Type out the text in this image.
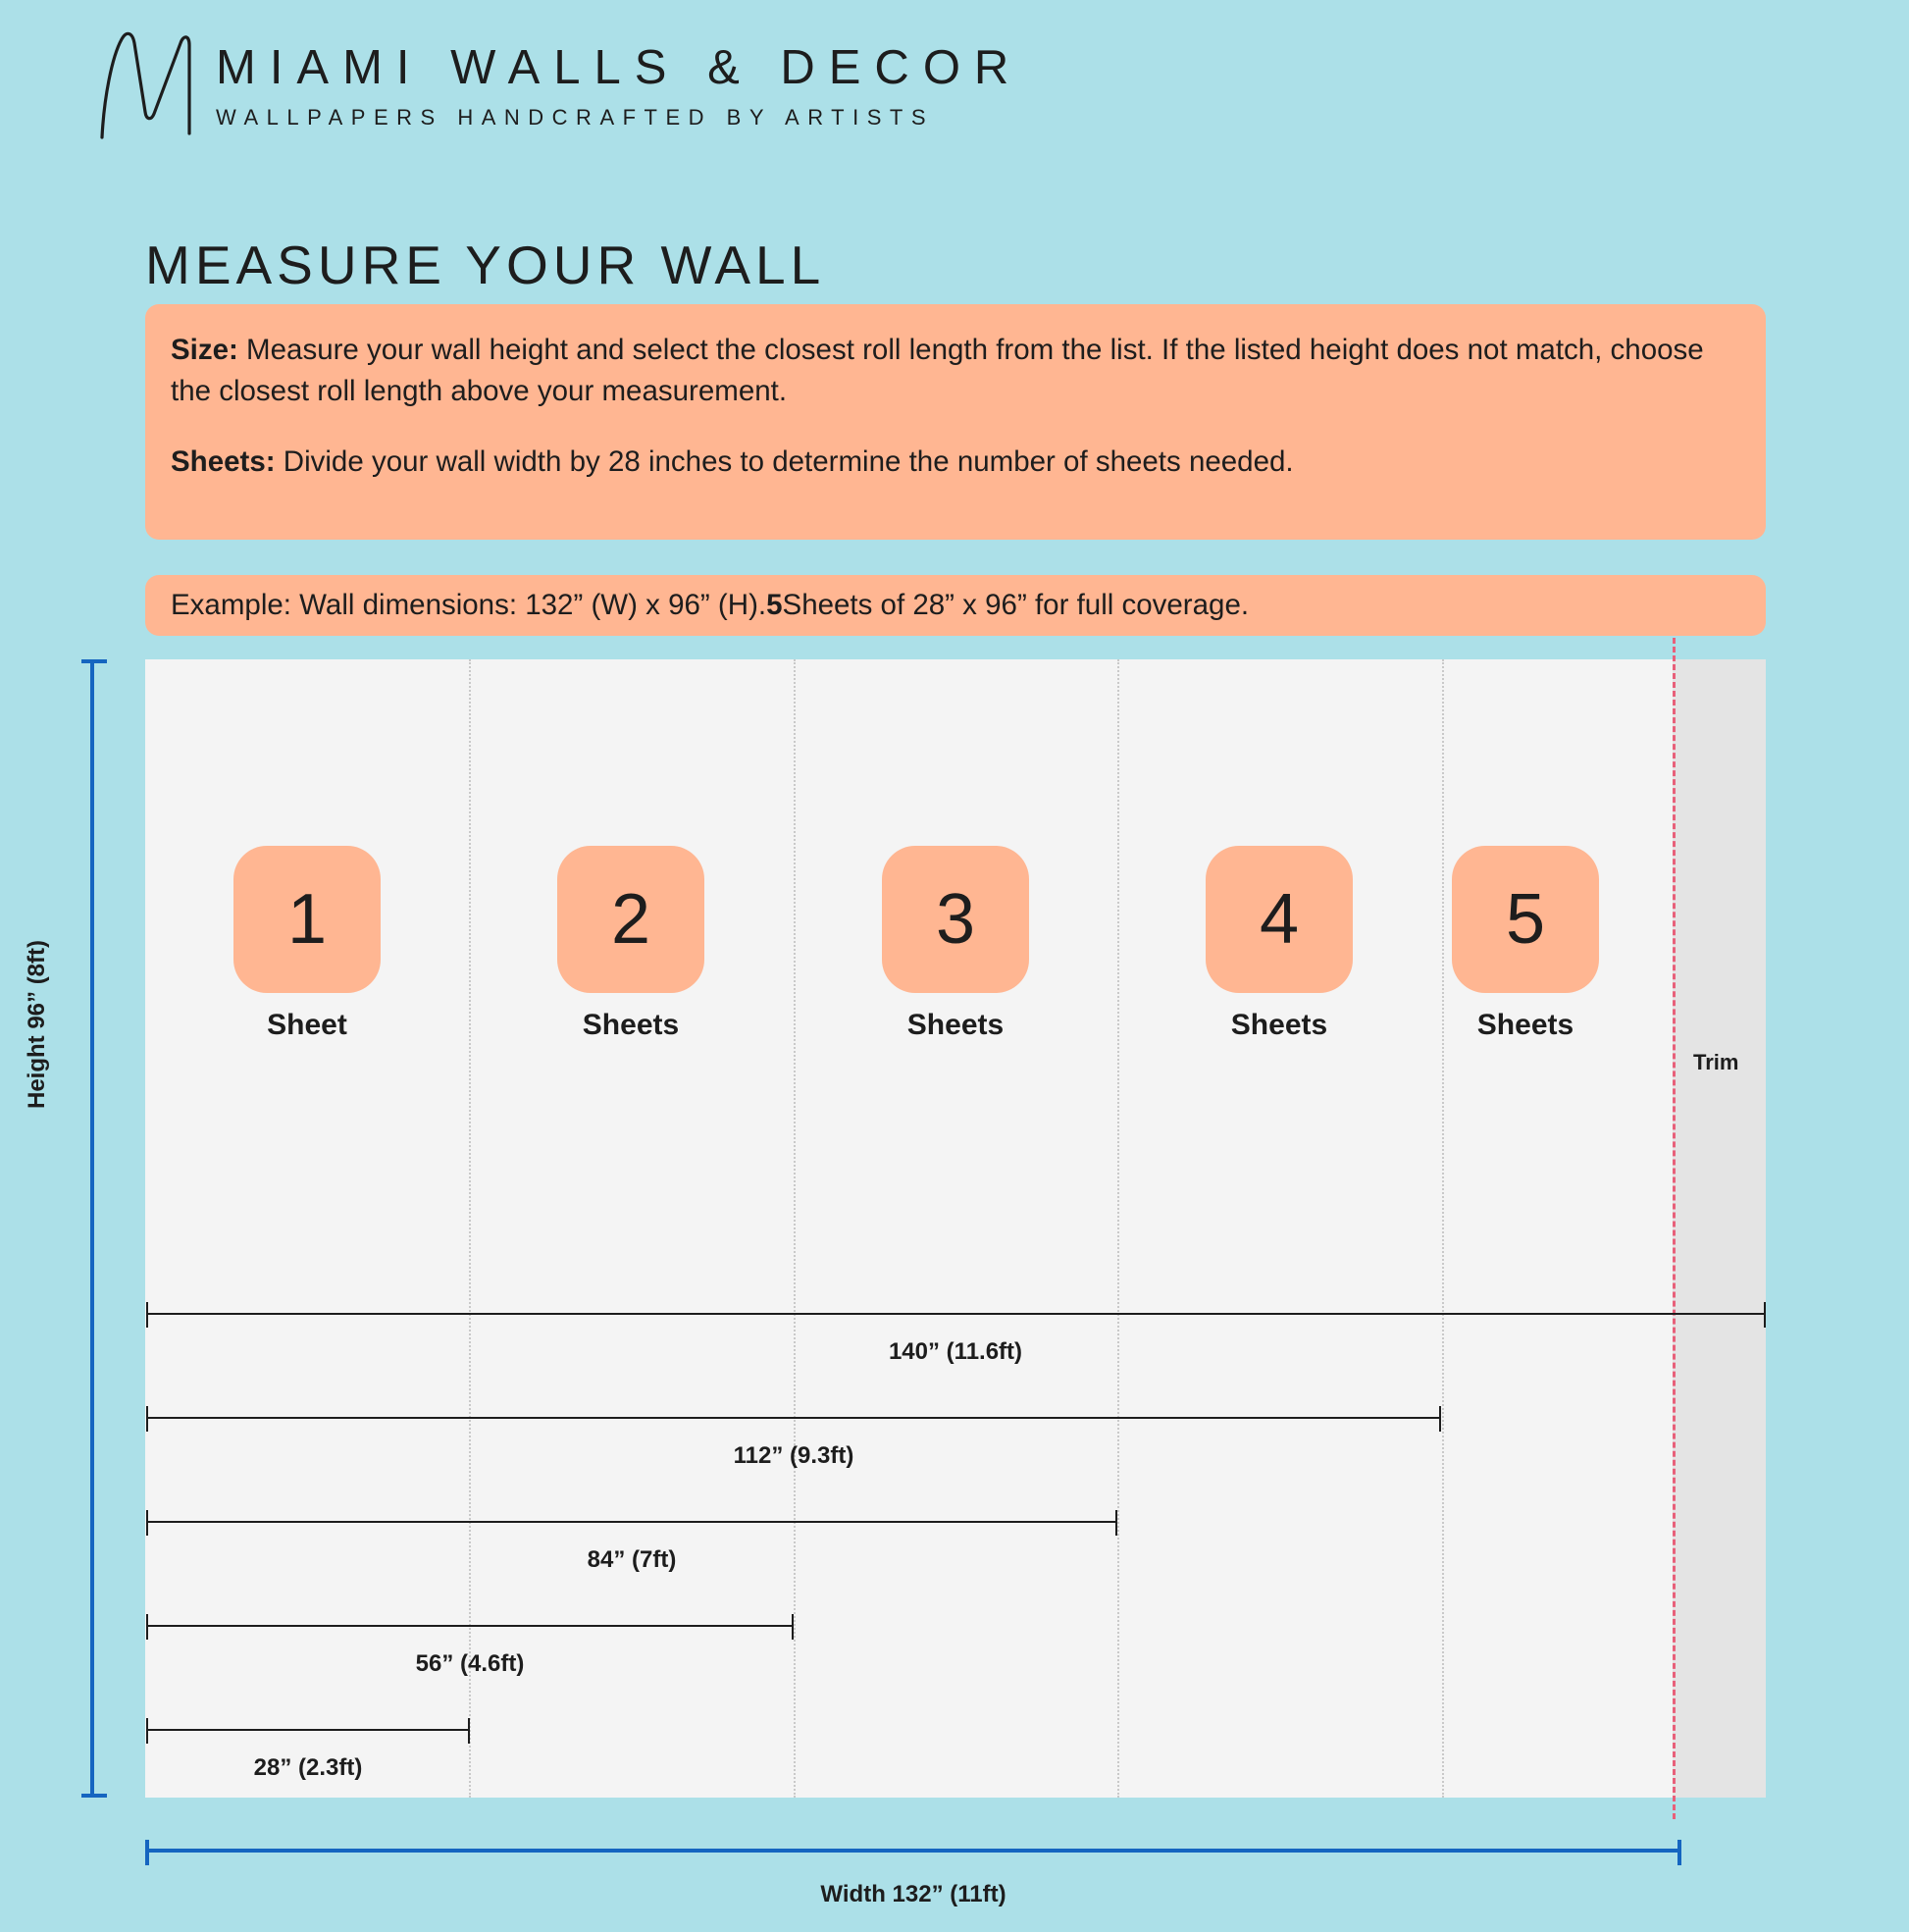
MIAMI WALLS & DECOR
WALLPAPERS HANDCRAFTED BY ARTISTS
MEASURE YOUR WALL

Size: Measure your wall height and select the closest roll length from the list. If the listed height does not match, choose the closest roll length above your measurement.

Sheets: Divide your wall width by 28 inches to determine the number of sheets needed.

Example: Wall dimensions: 132” (W) x 96” (H). 5 Sheets of 28” x 96” for full coverage.
Height 96” (8ft)	Trim
1
Sheet
2
Sheets
3
Sheets
4
Sheets
5
Sheets
140” (11.6ft)
112” (9.3ft)
84” (7ft)
56” (4.6ft)
28” (2.3ft)
Width 132” (11ft)
